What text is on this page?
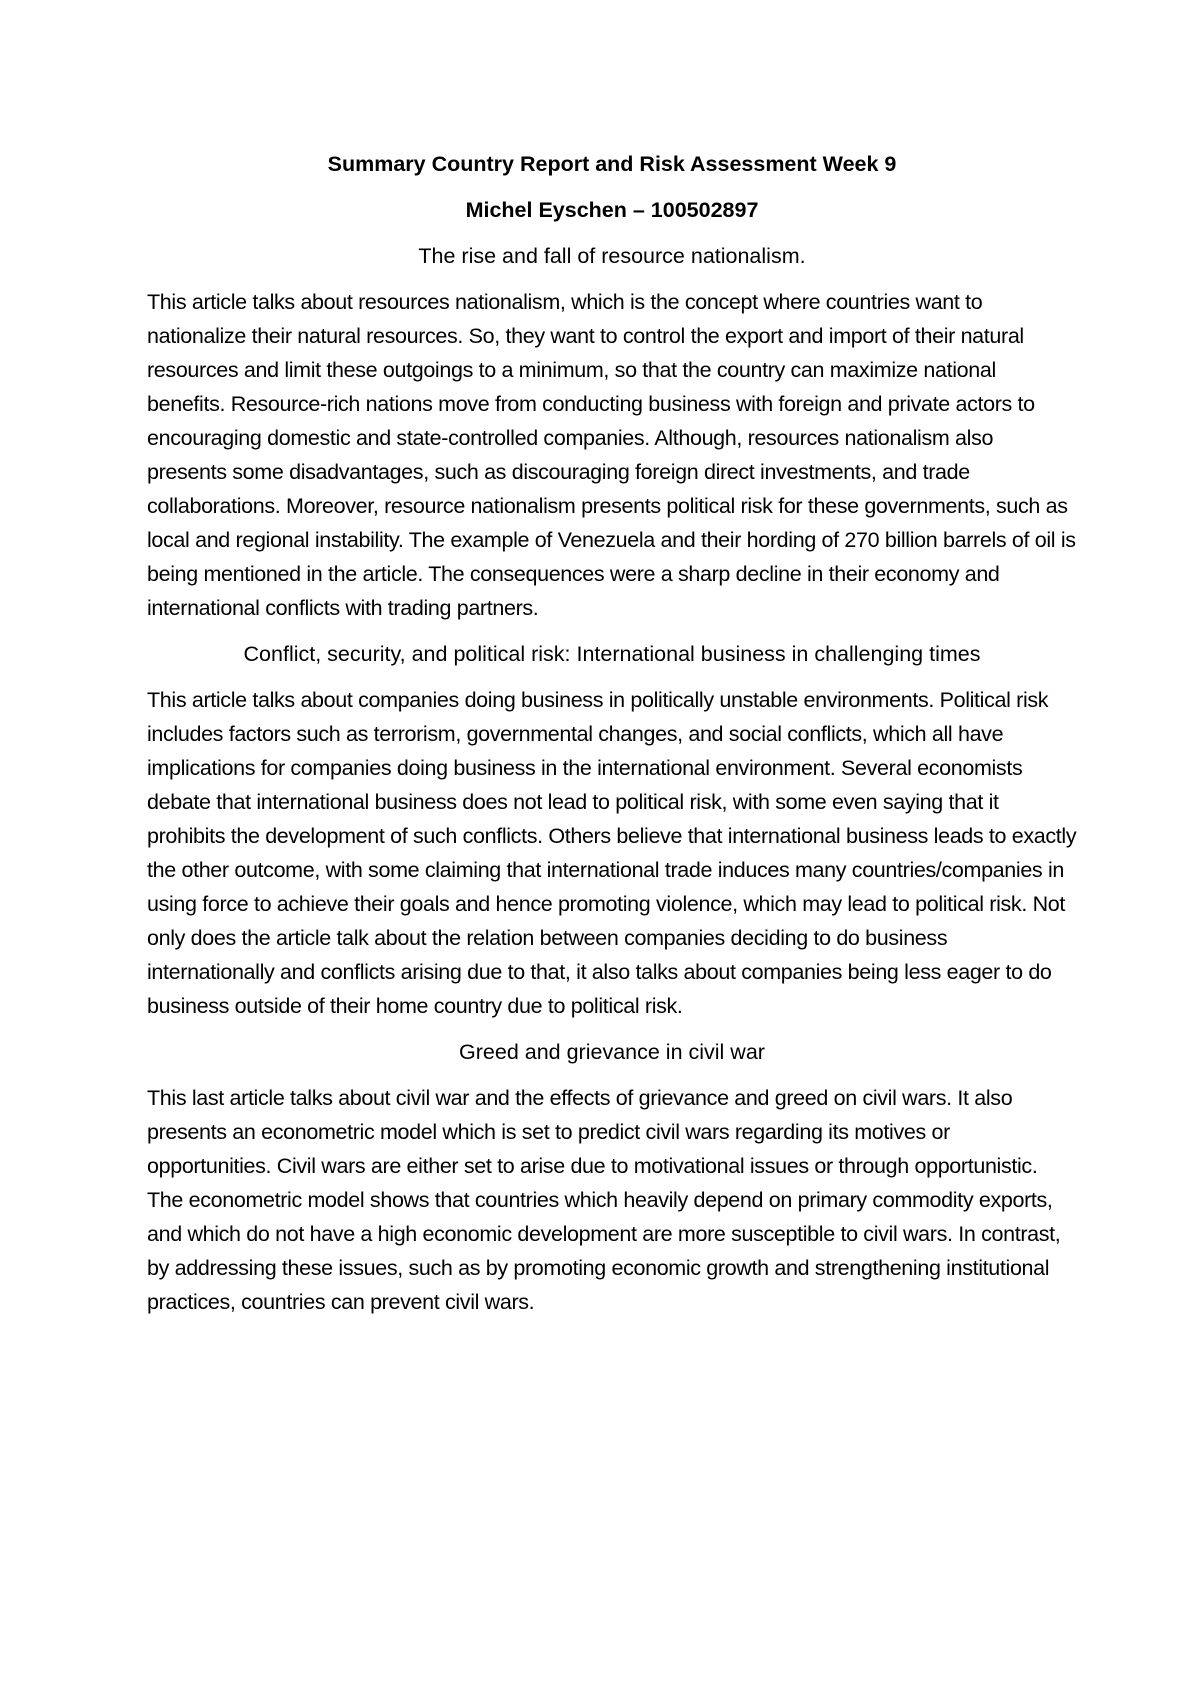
Summary Country Report and Risk Assessment Week 9

Michel Eyschen – 100502897

The rise and fall of resource nationalism.

This article talks about resources nationalism, which is the concept where countries want to nationalize their natural resources. So, they want to control the export and import of their natural resources and limit these outgoings to a minimum, so that the country can maximize national benefits. Resource-rich nations move from conducting business with foreign and private actors to encouraging domestic and state-controlled companies. Although, resources nationalism also presents some disadvantages, such as discouraging foreign direct investments, and trade collaborations. Moreover, resource nationalism presents political risk for these governments, such as local and regional instability. The example of Venezuela and their hording of 270 billion barrels of oil is being mentioned in the article. The consequences were a sharp decline in their economy and international conflicts with trading partners.

Conflict, security, and political risk: International business in challenging times

This article talks about companies doing business in politically unstable environments. Political risk includes factors such as terrorism, governmental changes, and social conflicts, which all have implications for companies doing business in the international environment. Several economists debate that international business does not lead to political risk, with some even saying that it prohibits the development of such conflicts. Others believe that international business leads to exactly the other outcome, with some claiming that international trade induces many countries/companies in using force to achieve their goals and hence promoting violence, which may lead to political risk. Not only does the article talk about the relation between companies deciding to do business internationally and conflicts arising due to that, it also talks about companies being less eager to do business outside of their home country due to political risk.

Greed and grievance in civil war

This last article talks about civil war and the effects of grievance and greed on civil wars. It also presents an econometric model which is set to predict civil wars regarding its motives or opportunities. Civil wars are either set to arise due to motivational issues or through opportunistic. The econometric model shows that countries which heavily depend on primary commodity exports, and which do not have a high economic development are more susceptible to civil wars. In contrast, by addressing these issues, such as by promoting economic growth and strengthening institutional practices, countries can prevent civil wars.
